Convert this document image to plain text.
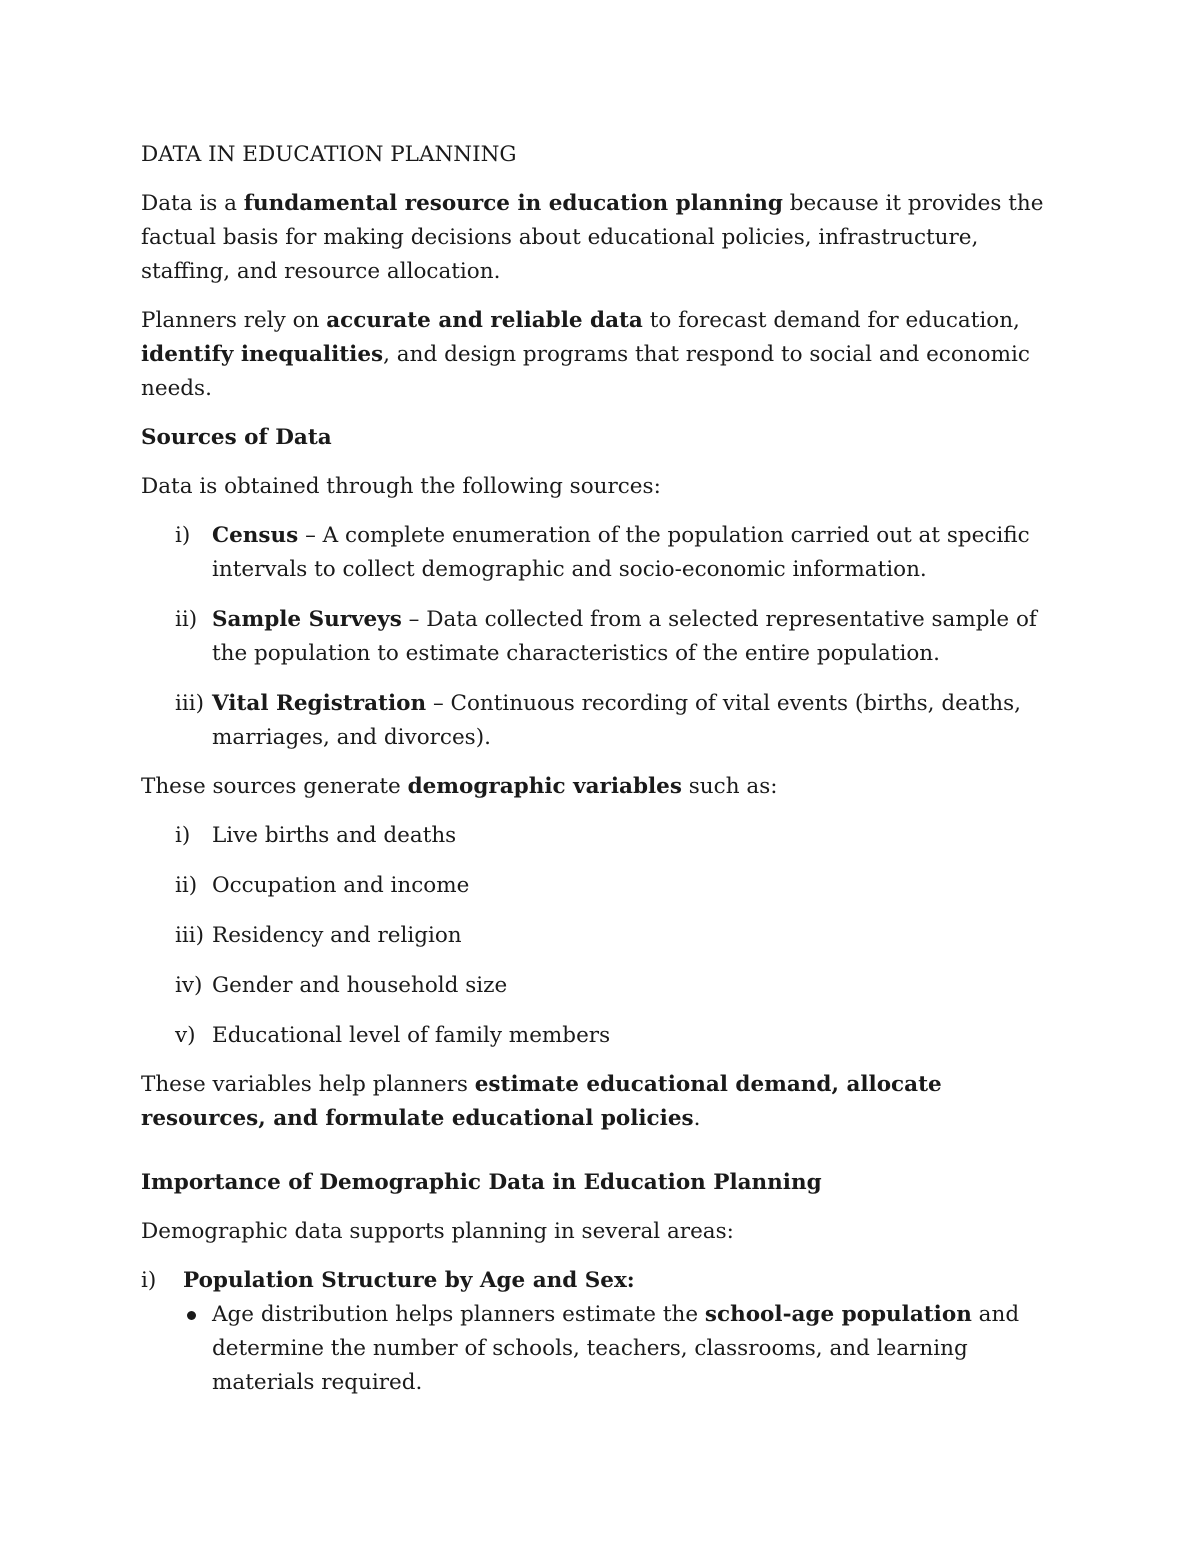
DATA IN EDUCATION PLANNING

Data is a fundamental resource in education planning because it provides the factual basis for making decisions about educational policies, infrastructure, staffing, and resource allocation.

Planners rely on accurate and reliable data to forecast demand for education, identify inequalities, and design programs that respond to social and economic needs.

Sources of Data

Data is obtained through the following sources:

i) Census – A complete enumeration of the population carried out at specific intervals to collect demographic and socio-economic information.
ii) Sample Surveys – Data collected from a selected representative sample of the population to estimate characteristics of the entire population.
iii) Vital Registration – Continuous recording of vital events (births, deaths, marriages, and divorces).

These sources generate demographic variables such as:

i) Live births and deaths
ii) Occupation and income
iii) Residency and religion
iv) Gender and household size
v) Educational level of family members

These variables help planners estimate educational demand, allocate resources, and formulate educational policies.

Importance of Demographic Data in Education Planning

Demographic data supports planning in several areas:

i) Population Structure by Age and Sex:

Age distribution helps planners estimate the school-age population and determine the number of schools, teachers, classrooms, and learning materials required.
